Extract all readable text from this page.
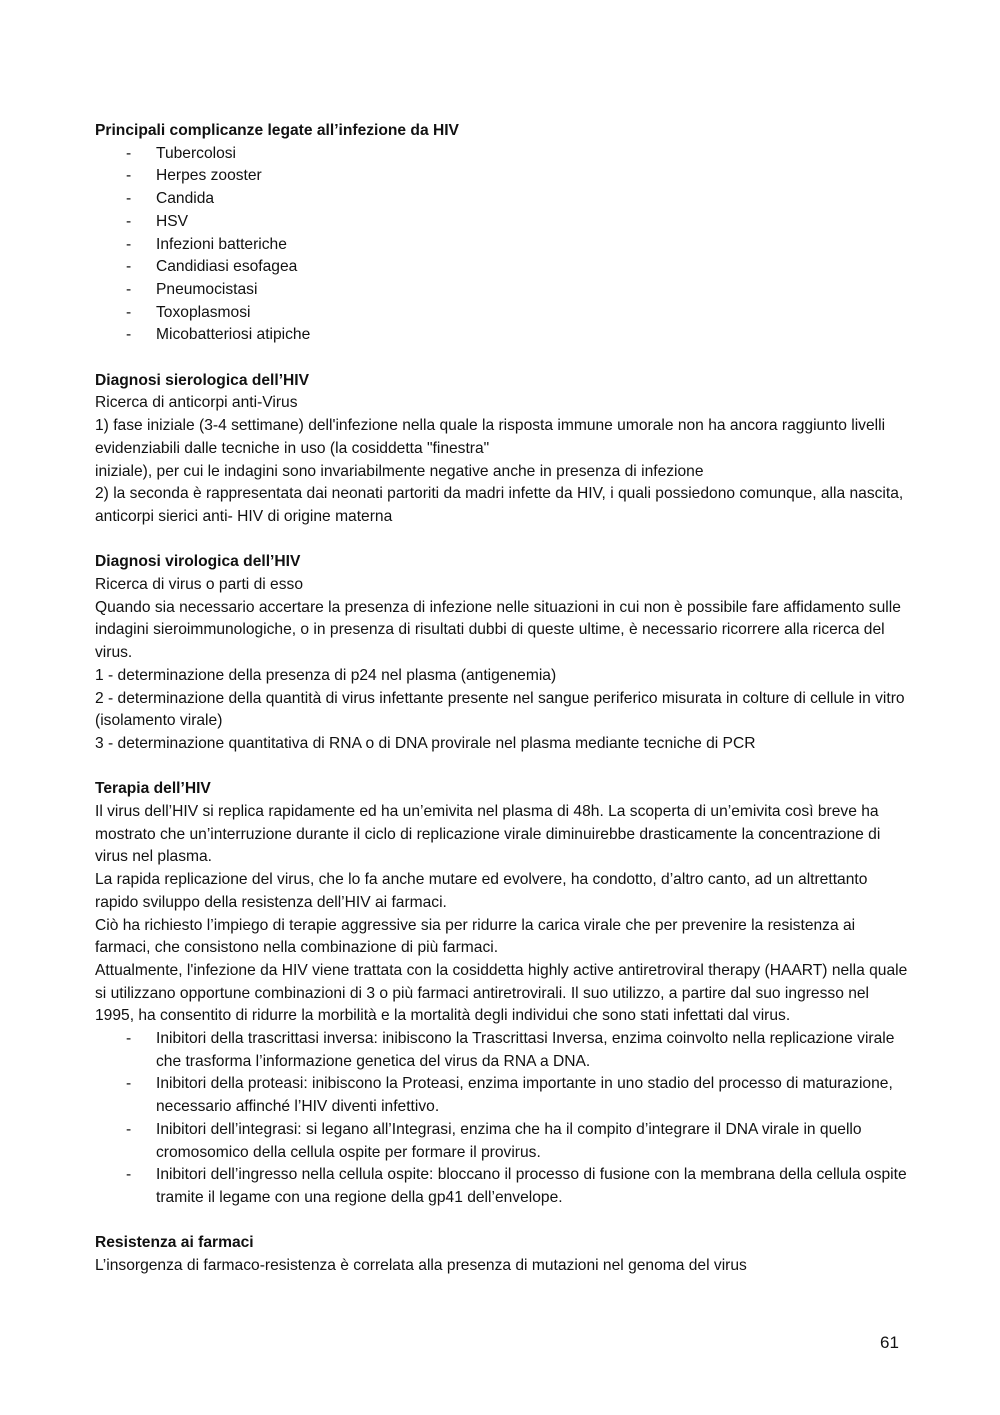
Principali complicanze legate all’infezione da HIV
- Tubercolosi
- Herpes zooster
- Candida
- HSV
- Infezioni batteriche
- Candidiasi esofagea
- Pneumocistasi
- Toxoplasmosi
- Micobatteriosi atipiche
Diagnosi sierologica dell’HIV

Ricerca di anticorpi anti-Virus

1) fase iniziale (3-4 settimane) dell'infezione nella quale la risposta immune umorale non ha ancora raggiunto livelli evidenziabili dalle tecniche in uso (la cosiddetta "finestra"

iniziale), per cui le indagini sono invariabilmente negative anche in presenza di infezione

2) la seconda è rappresentata dai neonati partoriti da madri infette da HIV, i quali possiedono comunque, alla nascita, anticorpi sierici anti- HIV di origine materna

Diagnosi virologica dell’HIV

Ricerca di virus o parti di esso

Quando sia necessario accertare la presenza di infezione nelle situazioni in cui non è possibile fare affidamento sulle indagini sieroimmunologiche, o in presenza di risultati dubbi di queste ultime, è necessario ricorrere alla ricerca del virus.

1 - determinazione della presenza di p24 nel plasma (antigenemia)

2 - determinazione della quantità di virus infettante presente nel sangue periferico misurata in colture di cellule in vitro (isolamento virale)

3 - determinazione quantitativa di RNA o di DNA provirale nel plasma mediante tecniche di PCR

Terapia dell’HIV

Il virus dell’HIV si replica rapidamente ed ha un’emivita nel plasma di 48h. La scoperta di un’emivita così breve ha mostrato che un’interruzione durante il ciclo di replicazione virale diminuirebbe drasticamente la concentrazione di virus nel plasma.

La rapida replicazione del virus, che lo fa anche mutare ed evolvere, ha condotto, d’altro canto, ad un altrettanto rapido sviluppo della resistenza dell’HIV ai farmaci.

Ciò ha richiesto l’impiego di terapie aggressive sia per ridurre la carica virale che per prevenire la resistenza ai farmaci, che consistono nella combinazione di più farmaci.

Attualmente, l'infezione da HIV viene trattata con la cosiddetta highly active antiretroviral therapy (HAART) nella quale si utilizzano opportune combinazioni di 3 o più farmaci antiretrovirali. Il suo utilizzo, a partire dal suo ingresso nel 1995, ha consentito di ridurre la morbilità e la mortalità degli individui che sono stati infettati dal virus.

- Inibitori della trascrittasi inversa: inibiscono la Trascrittasi Inversa, enzima coinvolto nella replicazione virale che trasforma l’informazione genetica del virus da RNA a DNA.
- Inibitori della proteasi: inibiscono la Proteasi, enzima importante in uno stadio del processo di maturazione, necessario affinché l’HIV diventi infettivo.
- Inibitori dell’integrasi: si legano all’Integrasi, enzima che ha il compito d’integrare il DNA virale in quello cromosomico della cellula ospite per formare il provirus.
- Inibitori dell’ingresso nella cellula ospite: bloccano il processo di fusione con la membrana della cellula ospite tramite il legame con una regione della gp41 dell’envelope.
Resistenza ai farmaci

L’insorgenza di farmaco-resistenza è correlata alla presenza di mutazioni nel genoma del virus

61
